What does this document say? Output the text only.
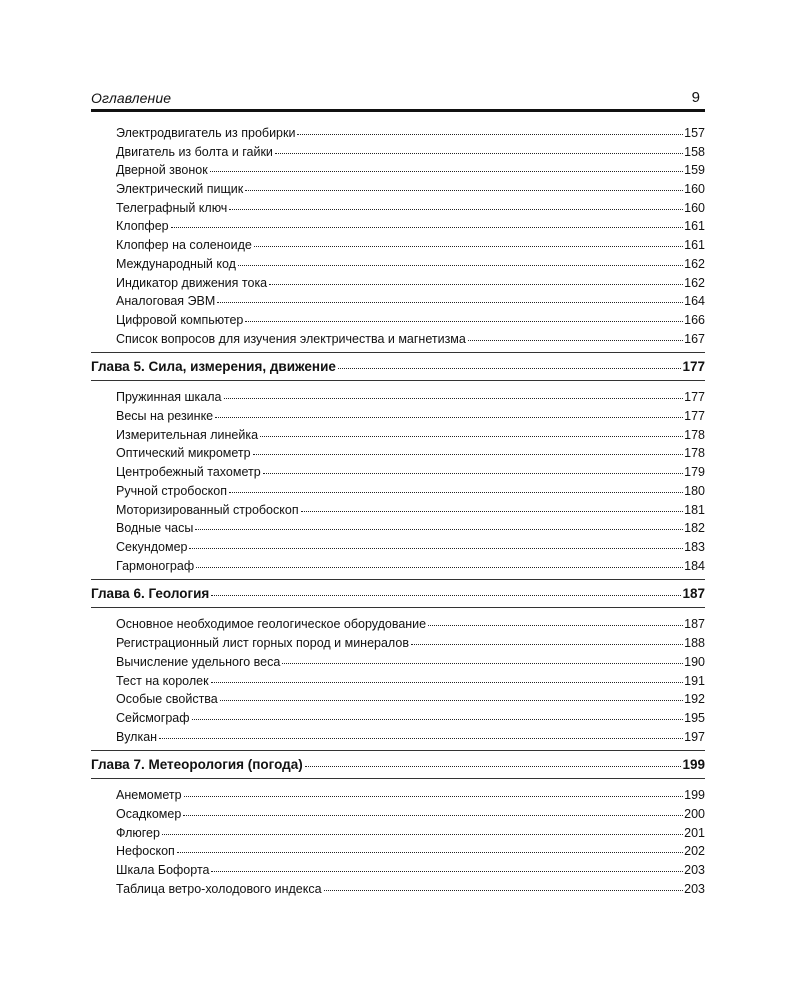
Оглавление	9
Электродвигатель из пробирки	157
Двигатель из болта и гайки	158
Дверной звонок	159
Электрический пищик	160
Телеграфный ключ	160
Клопфер	161
Клопфер на соленоиде	161
Международный код	162
Индикатор движения тока	162
Аналоговая ЭВМ	164
Цифровой компьютер	166
Список вопросов для изучения электричества и магнетизма	167
Глава 5. Сила, измерения, движение	177
Пружинная шкала	177
Весы на резинке	177
Измерительная линейка	178
Оптический микрометр	178
Центробежный тахометр	179
Ручной стробоскоп	180
Моторизированный стробоскоп	181
Водные часы	182
Секундомер	183
Гармонограф	184
Глава 6. Геология	187
Основное необходимое геологическое оборудование	187
Регистрационный лист горных пород и минералов	188
Вычисление удельного веса	190
Тест на королек	191
Особые свойства	192
Сейсмограф	195
Вулкан	197
Глава 7. Метеорология (погода)	199
Анемометр	199
Осадкомер	200
Флюгер	201
Нефоскоп	202
Шкала Бофорта	203
Таблица ветро-холодового индекса	203
